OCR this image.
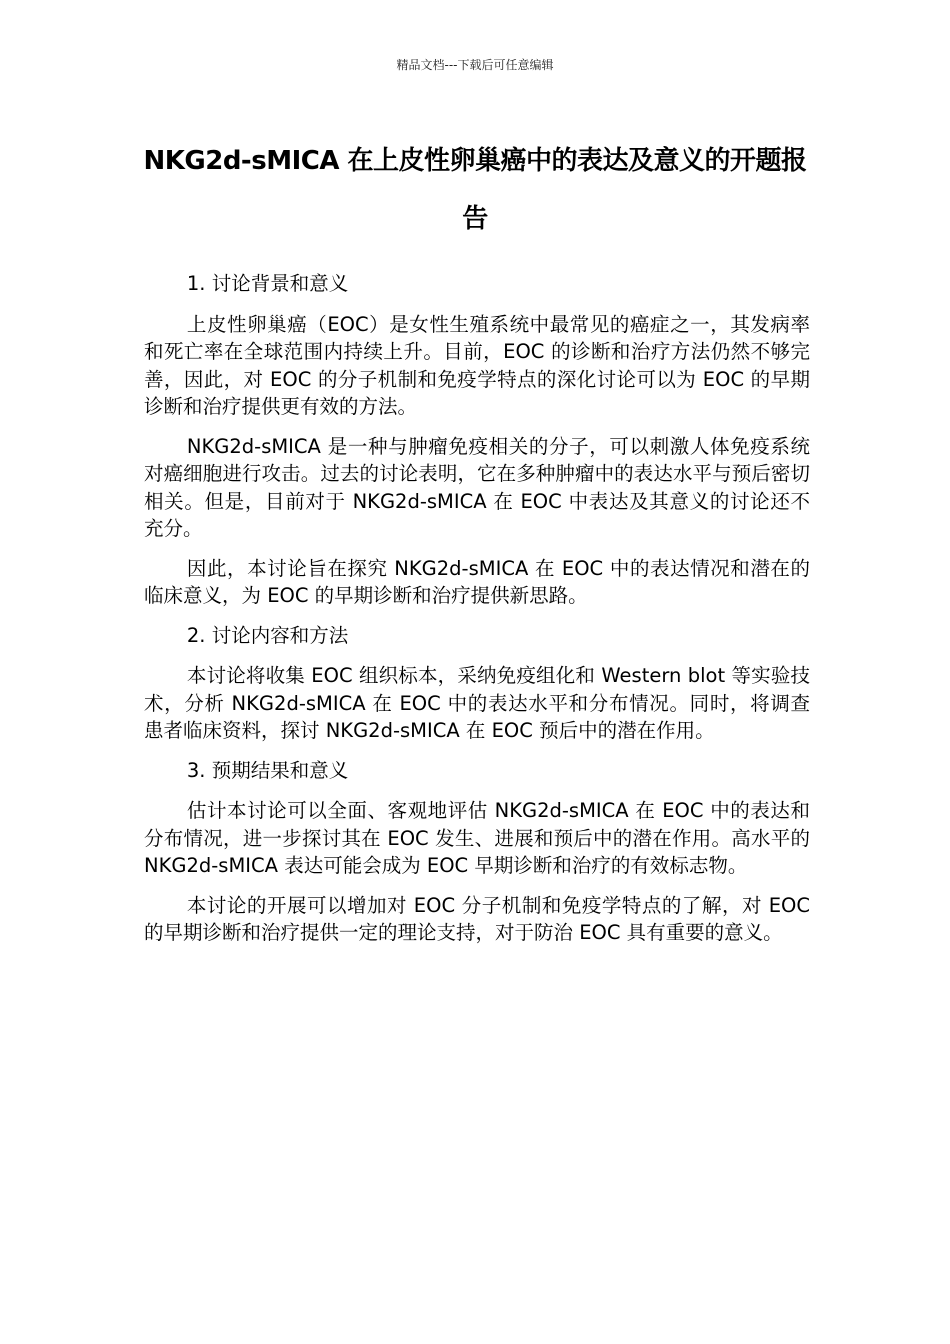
精品文档---下载后可任意编辑
NKG2d-sMICA 在上皮性卵巢癌中的表达及意义的开题报告

1. 讨论背景和意义

上皮性卵巢癌（EOC）是女性生殖系统中最常见的癌症之一，其发病率和死亡率在全球范围内持续上升。目前，EOC 的诊断和治疗方法仍然不够完善，因此，对 EOC 的分子机制和免疫学特点的深化讨论可以为 EOC 的早期诊断和治疗提供更有效的方法。

NKG2d-sMICA 是一种与肿瘤免疫相关的分子，可以刺激人体免疫系统对癌细胞进行攻击。过去的讨论表明，它在多种肿瘤中的表达水平与预后密切相关。但是，目前对于 NKG2d-sMICA 在 EOC 中表达及其意义的讨论还不充分。

因此，本讨论旨在探究 NKG2d-sMICA 在 EOC 中的表达情况和潜在的临床意义，为 EOC 的早期诊断和治疗提供新思路。

2. 讨论内容和方法

本讨论将收集 EOC 组织标本，采纳免疫组化和 Western blot 等实验技术，分析 NKG2d-sMICA 在 EOC 中的表达水平和分布情况。同时，将调查患者临床资料，探讨 NKG2d-sMICA 在 EOC 预后中的潜在作用。

3. 预期结果和意义

估计本讨论可以全面、客观地评估 NKG2d-sMICA 在 EOC 中的表达和分布情况，进一步探讨其在 EOC 发生、进展和预后中的潜在作用。高水平的 NKG2d-sMICA 表达可能会成为 EOC 早期诊断和治疗的有效标志物。

本讨论的开展可以增加对 EOC 分子机制和免疫学特点的了解，对 EOC 的早期诊断和治疗提供一定的理论支持，对于防治 EOC 具有重要的意义。
